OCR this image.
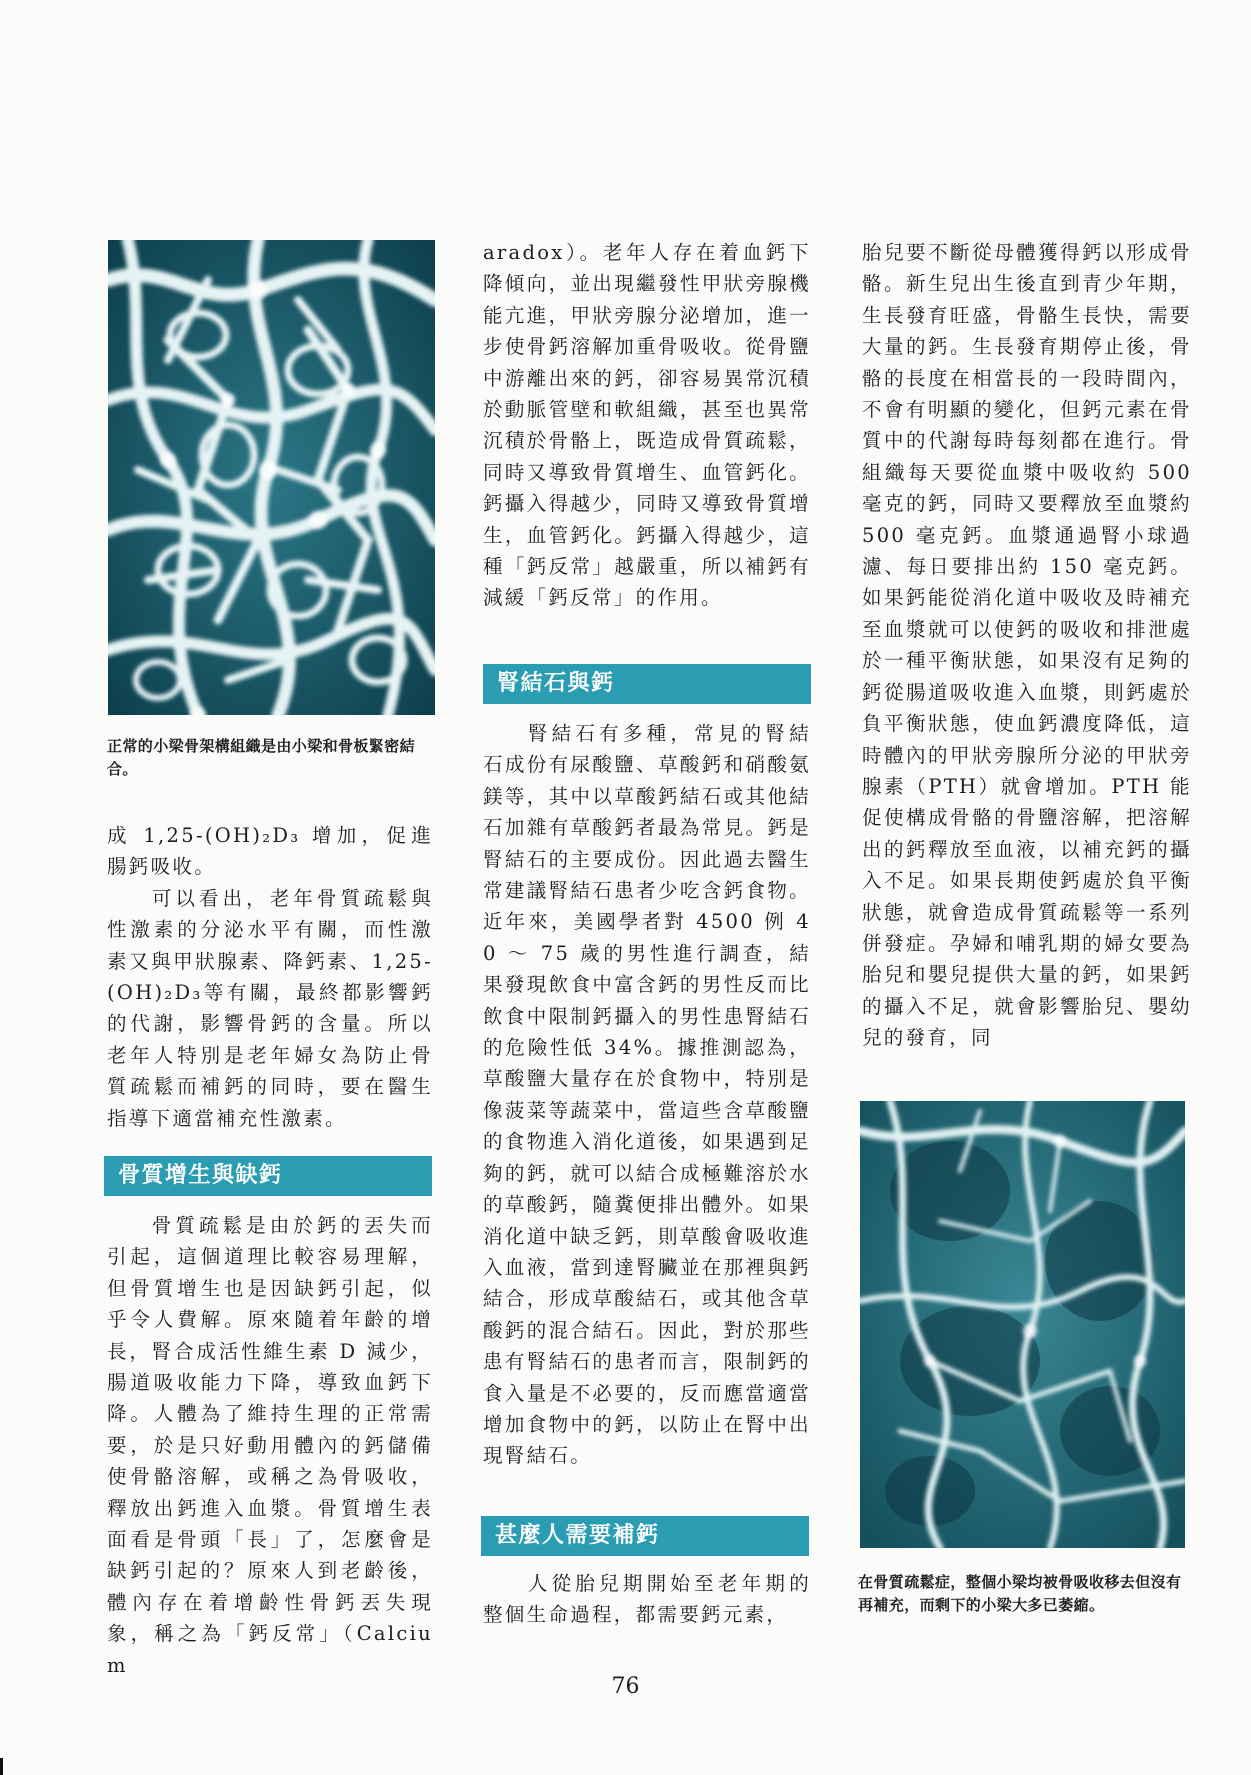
正常的小梁骨架構組織是由小梁和骨板緊密結合。

成 1,25-(OH)₂D₃ 增加，促進腸鈣吸收。

可以看出，老年骨質疏鬆與性激素的分泌水平有關，而性激素又與甲狀腺素、降鈣素、1,25-(OH)₂D₃等有關，最終都影響鈣的代謝，影響骨鈣的含量。所以老年人特別是老年婦女為防止骨質疏鬆而補鈣的同時，要在醫生指導下適當補充性激素。

骨質增生與缺鈣

骨質疏鬆是由於鈣的丟失而引起，這個道理比較容易理解，但骨質增生也是因缺鈣引起，似乎令人費解。原來隨着年齡的增長，腎合成活性維生素 D 減少，腸道吸收能力下降，導致血鈣下降。人體為了維持生理的正常需要，於是只好動用體內的鈣儲備使骨骼溶解，或稱之為骨吸收，釋放出鈣進入血漿。骨質增生表面看是骨頭「長」了，怎麼會是缺鈣引起的？原來人到老齡後，體內存在着增齡性骨鈣丟失現象，稱之為「鈣反常」（Calcium

aradox）。老年人存在着血鈣下降傾向，並出現繼發性甲狀旁腺機能亢進，甲狀旁腺分泌增加，進一步使骨鈣溶解加重骨吸收。從骨鹽中游離出來的鈣，卻容易異常沉積於動脈管壁和軟組織，甚至也異常沉積於骨骼上，既造成骨質疏鬆，同時又導致骨質增生、血管鈣化。鈣攝入得越少，同時又導致骨質增生，血管鈣化。鈣攝入得越少，這種「鈣反常」越嚴重，所以補鈣有減緩「鈣反常」的作用。

腎結石與鈣

腎結石有多種，常見的腎結石成份有尿酸鹽、草酸鈣和硝酸氨鎂等，其中以草酸鈣結石或其他結石加雜有草酸鈣者最為常見。鈣是腎結石的主要成份。因此過去醫生常建議腎結石患者少吃含鈣食物。近年來，美國學者對 4500 例 40 ～ 75 歲的男性進行調查，結果發現飲食中富含鈣的男性反而比飲食中限制鈣攝入的男性患腎結石的危險性低 34%。據推測認為，草酸鹽大量存在於食物中，特別是像菠菜等蔬菜中，當這些含草酸鹽的食物進入消化道後，如果遇到足夠的鈣，就可以結合成極難溶於水的草酸鈣，隨糞便排出體外。如果消化道中缺乏鈣，則草酸會吸收進入血液，當到達腎臟並在那裡與鈣結合，形成草酸結石，或其他含草酸鈣的混合結石。因此，對於那些患有腎結石的患者而言，限制鈣的食入量是不必要的，反而應當適當增加食物中的鈣，以防止在腎中出現腎結石。

甚麼人需要補鈣

人從胎兒期開始至老年期的整個生命過程，都需要鈣元素，

胎兒要不斷從母體獲得鈣以形成骨骼。新生兒出生後直到青少年期，生長發育旺盛，骨骼生長快，需要大量的鈣。生長發育期停止後，骨骼的長度在相當長的一段時間內，不會有明顯的變化，但鈣元素在骨質中的代謝每時每刻都在進行。骨組織每天要從血漿中吸收約 500 毫克的鈣，同時又要釋放至血漿約 500 毫克鈣。血漿通過腎小球過濾、每日要排出約 150 毫克鈣。如果鈣能從消化道中吸收及時補充至血漿就可以使鈣的吸收和排泄處於一種平衡狀態，如果沒有足夠的鈣從腸道吸收進入血漿，則鈣處於負平衡狀態，使血鈣濃度降低，這時體內的甲狀旁腺所分泌的甲狀旁腺素（PTH）就會增加。PTH 能促使構成骨骼的骨鹽溶解，把溶解出的鈣釋放至血液，以補充鈣的攝入不足。如果長期使鈣處於負平衡狀態，就會造成骨質疏鬆等一系列併發症。孕婦和哺乳期的婦女要為胎兒和嬰兒提供大量的鈣，如果鈣的攝入不足，就會影響胎兒、嬰幼兒的發育，同

在骨質疏鬆症，整個小梁均被骨吸收移去但沒有再補充，而剩下的小梁大多已萎縮。

76
